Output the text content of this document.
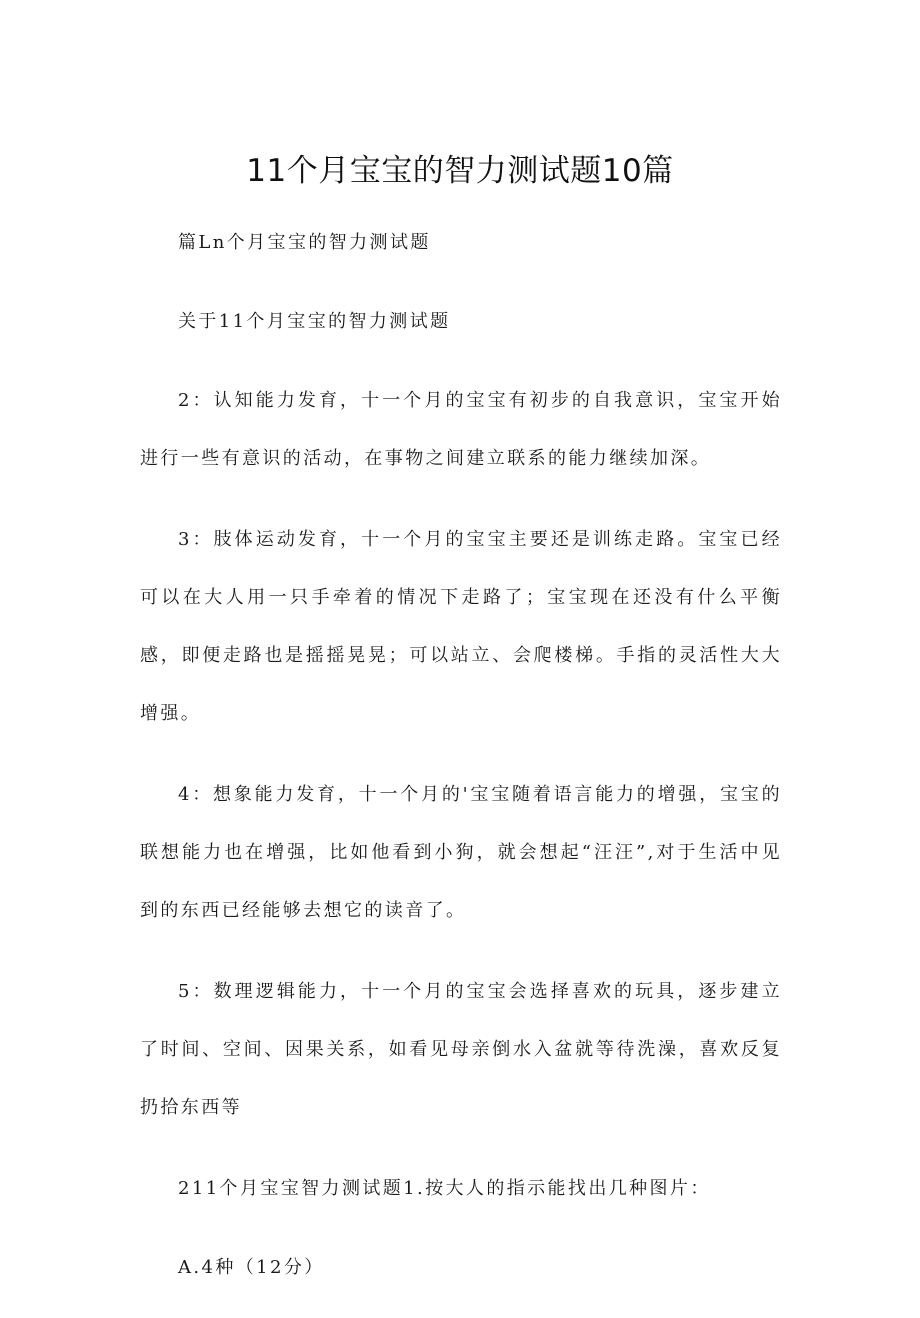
11个月宝宝的智力测试题10篇

篇Ln个月宝宝的智力测试题

关于11个月宝宝的智力测试题

2：认知能力发育，十一个月的宝宝有初步的自我意识，宝宝开始进行一些有意识的活动，在事物之间建立联系的能力继续加深。

3：肢体运动发育，十一个月的宝宝主要还是训练走路。宝宝已经可以在大人用一只手牵着的情况下走路了；宝宝现在还没有什么平衡感，即便走路也是摇摇晃晃；可以站立、会爬楼梯。手指的灵活性大大增强。

4：想象能力发育，十一个月的'宝宝随着语言能力的增强，宝宝的联想能力也在增强，比如他看到小狗，就会想起“汪汪”,对于生活中见到的东西已经能够去想它的读音了。

5：数理逻辑能力，十一个月的宝宝会选择喜欢的玩具，逐步建立了时间、空间、因果关系，如看见母亲倒水入盆就等待洗澡，喜欢反复扔拾东西等

211个月宝宝智力测试题1.按大人的指示能找出几种图片：

A.4种（12分）
